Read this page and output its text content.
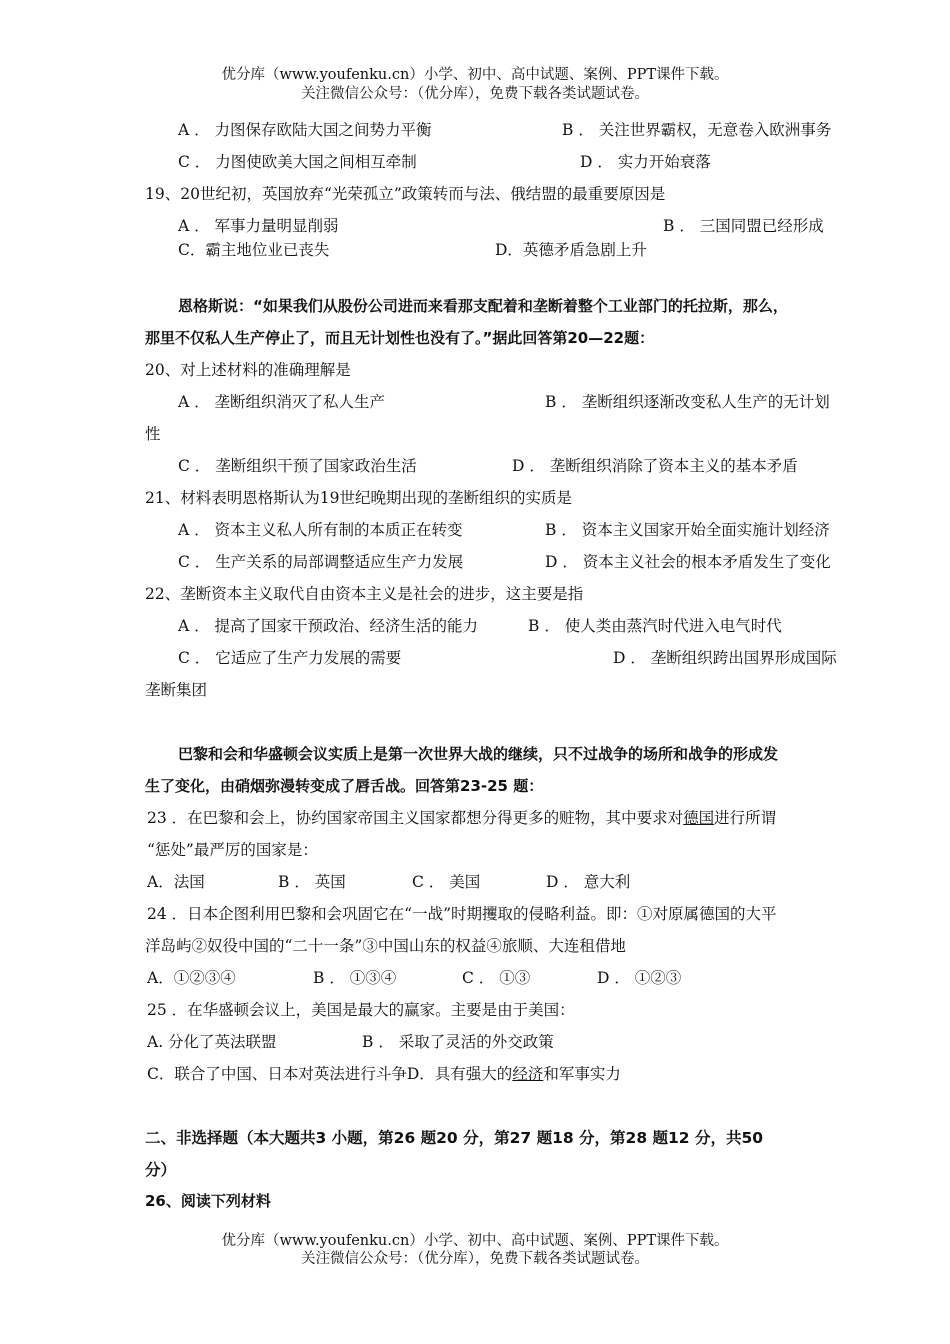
优分库（www.youfenku.cn）小学、初中、高中试题、案例、PPT课件下载。
关注微信公众号：（优分库），免费下载各类试题试卷。
A ． 力图保存欧陆大国之间势力平衡	B ． 关注世界霸权，无意卷入欧洲事务
C ． 力图使欧美大国之间相互牵制	D ． 实力开始衰落
19、20世纪初，英国放弃“光荣孤立”政策转而与法、俄结盟的最重要原因是
A ． 军事力量明显削弱	B ． 三国同盟已经形成
C．霸主地位业已丧失	D．英德矛盾急剧上升
恩格斯说：“如果我们从股份公司进而来看那支配着和垄断着整个工业部门的托拉斯，那么，
那里不仅私人生产停止了，而且无计划性也没有了。”据此回答第20—22题：
20、对上述材料的准确理解是
A ． 垄断组织消灭了私人生产	B ． 垄断组织逐渐改变私人生产的无计划
性
C ． 垄断组织干预了国家政治生活	D ． 垄断组织消除了资本主义的基本矛盾
21、材料表明恩格斯认为19世纪晚期出现的垄断组织的实质是
A ． 资本主义私人所有制的本质正在转变	B ． 资本主义国家开始全面实施计划经济
C ． 生产关系的局部调整适应生产力发展	D ． 资本主义社会的根本矛盾发生了变化
22、垄断资本主义取代自由资本主义是社会的进步，这主要是指
A ． 提高了国家干预政治、经济生活的能力	B ． 使人类由蒸汽时代进入电气时代
C ． 它适应了生产力发展的需要	D ． 垄断组织跨出国界形成国际
垄断集团
巴黎和会和华盛顿会议实质上是第一次世界大战的继续，只不过战争的场所和战争的形成发
生了变化，由硝烟弥漫转变成了唇舌战。回答第23-25 题：
23 ．在巴黎和会上，协约国家帝国主义国家都想分得更多的赃物，其中要求对德国进行所谓
“惩处”最严厉的国家是：
A．法国	B ． 英国	C ． 美国	D ． 意大利
24 ．日本企图利用巴黎和会巩固它在“一战”时期攫取的侵略利益。即：①对原属德国的大平
洋岛屿②奴役中国的“二十一条”③中国山东的权益④旅顺、大连租借地
A．①②③④	B ． ①③④	C ． ①③	D ． ①②③
25 ．在华盛顿会议上，美国是最大的赢家。主要是由于美国：
A. 分化了英法联盟	B ． 采取了灵活的外交政策
C．联合了中国、日本对英法进行斗争D．具有强大的经济和军事实力
二、非选择题（本大题共3 小题，第26 题20 分，第27 题18 分，第28 题12 分，共50
分）
26、阅读下列材料
优分库（www.youfenku.cn）小学、初中、高中试题、案例、PPT课件下载。
关注微信公众号：（优分库），免费下载各类试题试卷。
